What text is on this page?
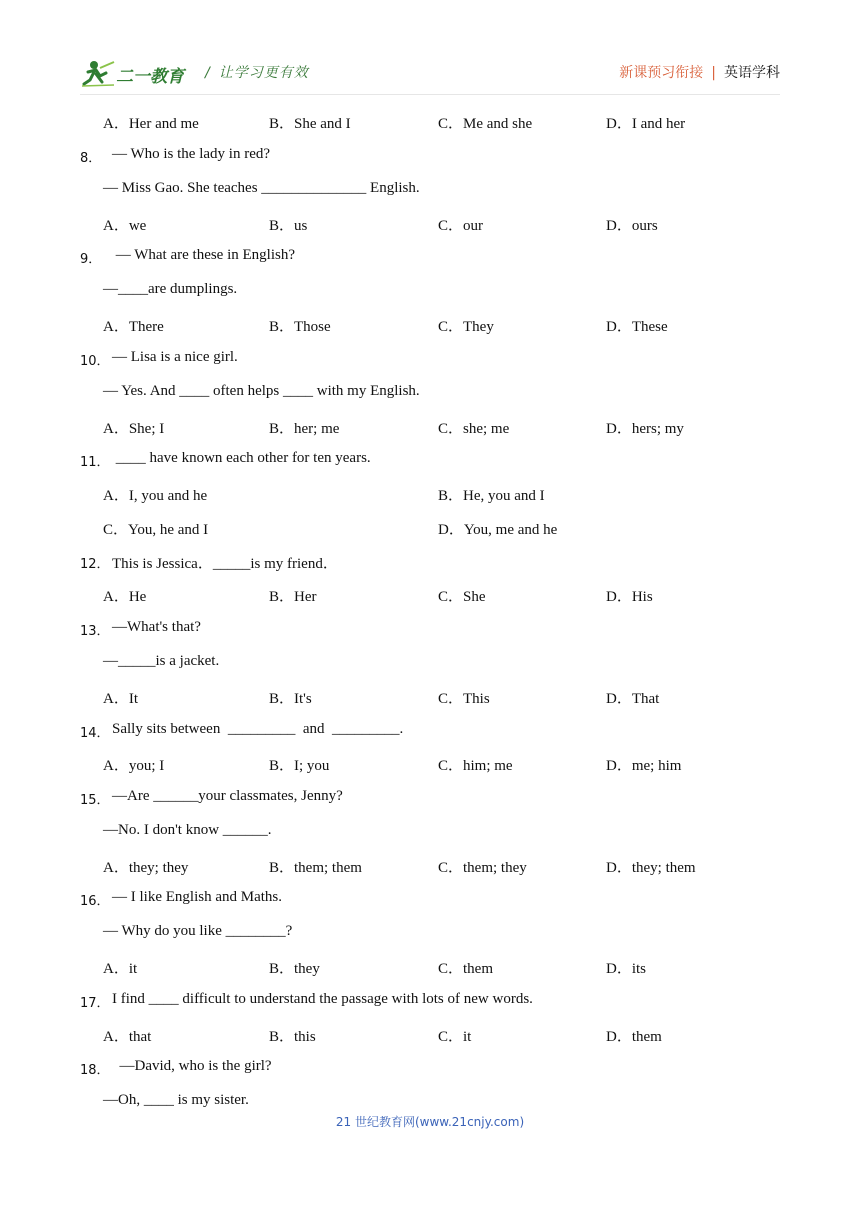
二一教育 / 让学习更有效	新课预习衔接 | 英语学科
A．Her and me	B．She and I	C．Me and she	D．I and her
8． — Who is the lady in red?
— Miss Gao. She teaches ______________ English.
A．we	B．us	C．our	D．ours
9． — What are these in English?
—____are dumplings.
A．There	B．Those	C．They	D．These
10． — Lisa is a nice girl.
— Yes. And ____ often helps ____ with my English.
A．She; I	B．her; me	C．she; me	D．hers; my
11． ____ have known each other for ten years.
A．I, you and he	B．He, you and I
C．You, he and I	D．You, me and he
12． This is Jessica．_____is my friend．
A．He	B．Her	C．She	D．His
13． —What's that?
—_____is a jacket.
A．It	B．It's	C．This	D．That
14． Sally sits between  _________  and  _________.
A．you; I	B．I; you	C．him; me	D．me; him
15． —Are ______your classmates, Jenny?
—No. I don't know ______.
A．they; they	B．them; them	C．them; they	D．they; them
16． — I like English and Maths.
— Why do you like ________?
A．it	B．they	C．them	D．its
17． I find ____ difficult to understand the passage with lots of new words.
A．that	B．this	C．it	D．them
18． —David, who is the girl?
—Oh, ____ is my sister.
21 世纪教育网(www.21cnjy.com)
